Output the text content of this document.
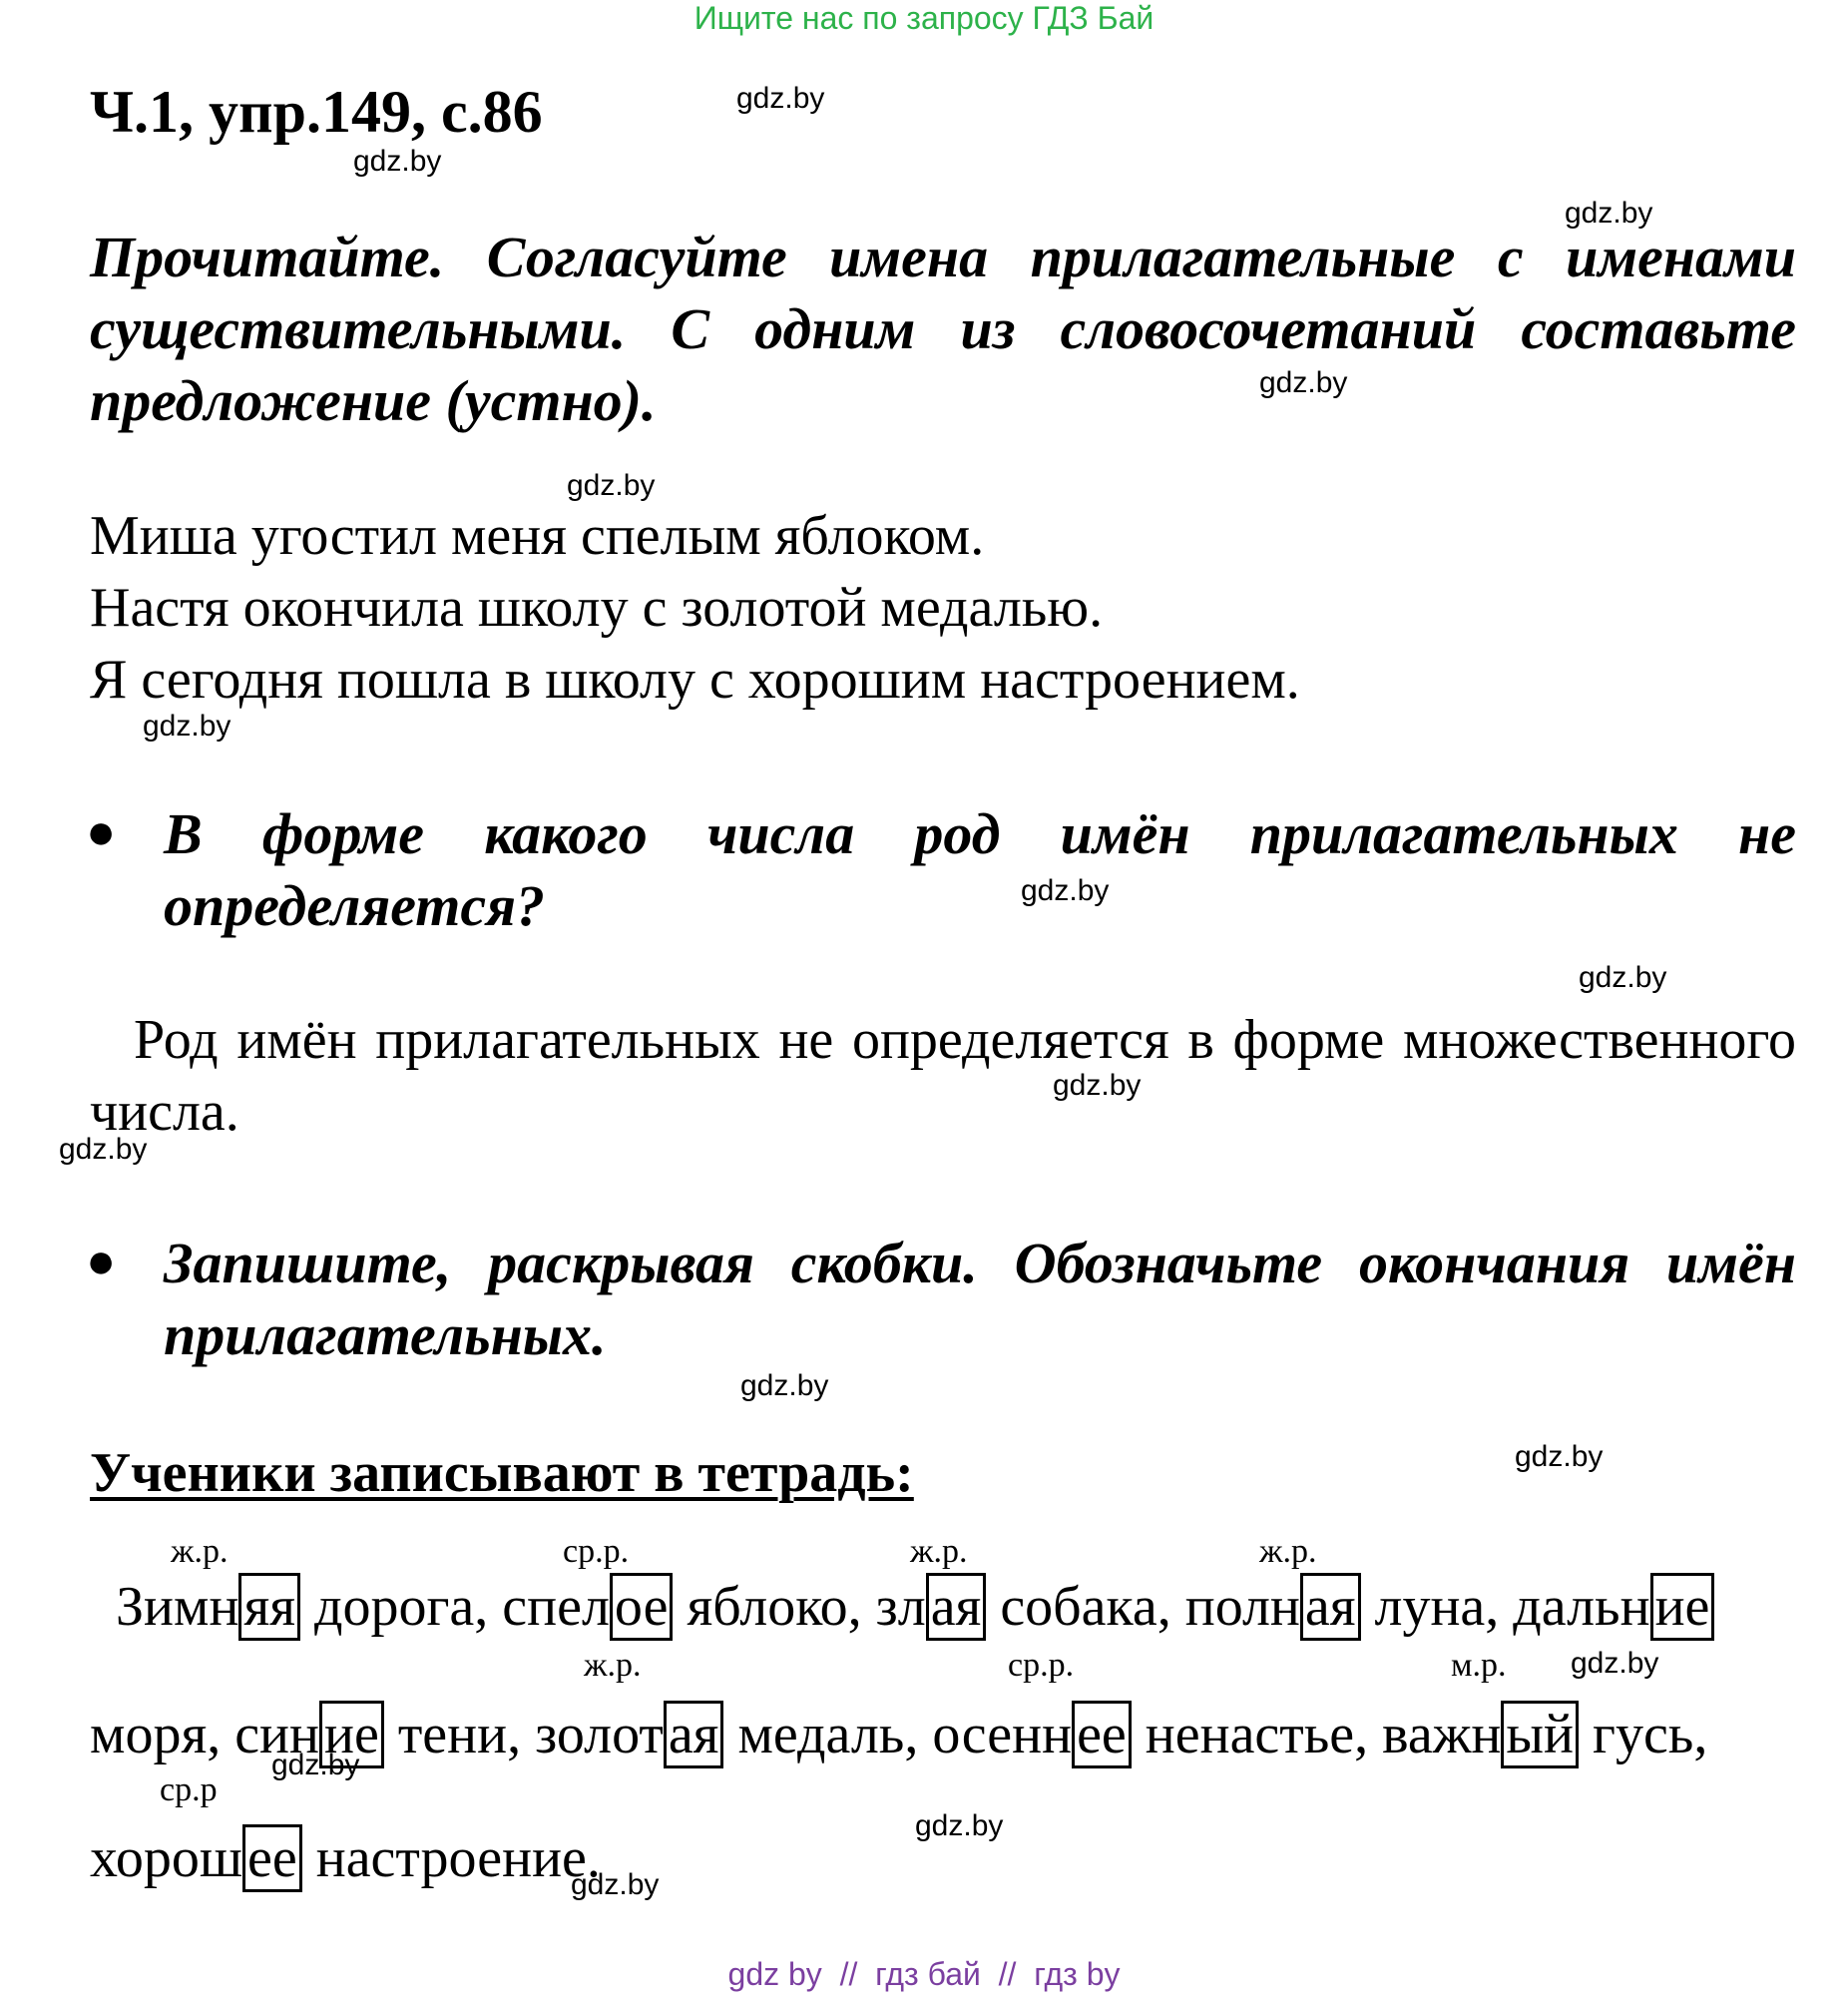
Ищите нас по запросу ГДЗ Бай
Ч.1, упр.149, с.86	gdz.by
gdz.by
gdz.by
gdz.by
gdz.by
gdz.by
gdz.by
gdz.by
gdz.by
gdz.by
gdz.by
gdz.by
gdz.by
gdz.by
gdz.by
gdz.by
Прочитайте. Согласуйте имена прилагательные с именами существительными. С одним из словосочетаний составьте предложение (устно).
Миша угостил меня спелым яблоком.
Настя окончила школу с золотой медалью.
Я сегодня пошла в школу с хорошим настроением.
● В форме какого числа род имён прилагательных не определяется?
Род имён прилагательных не определяется в форме множественного числа.
● Запишите, раскрывая скобки. Обозначьте окончания имён прилагательных.
Ученики записывают в тетрадь:
ж.р.	ср.р.	ж.р.	ж.р.
Зимняя дорога, спелое яблоко, злая собака, полная луна, дальние
ж.р.	ср.р.	м.р.
моря, синие тени, золотая медаль, осеннее ненастье, важный гусь,
ср.р
хорошее настроение.
gdz by // гдз бай // гдз by
